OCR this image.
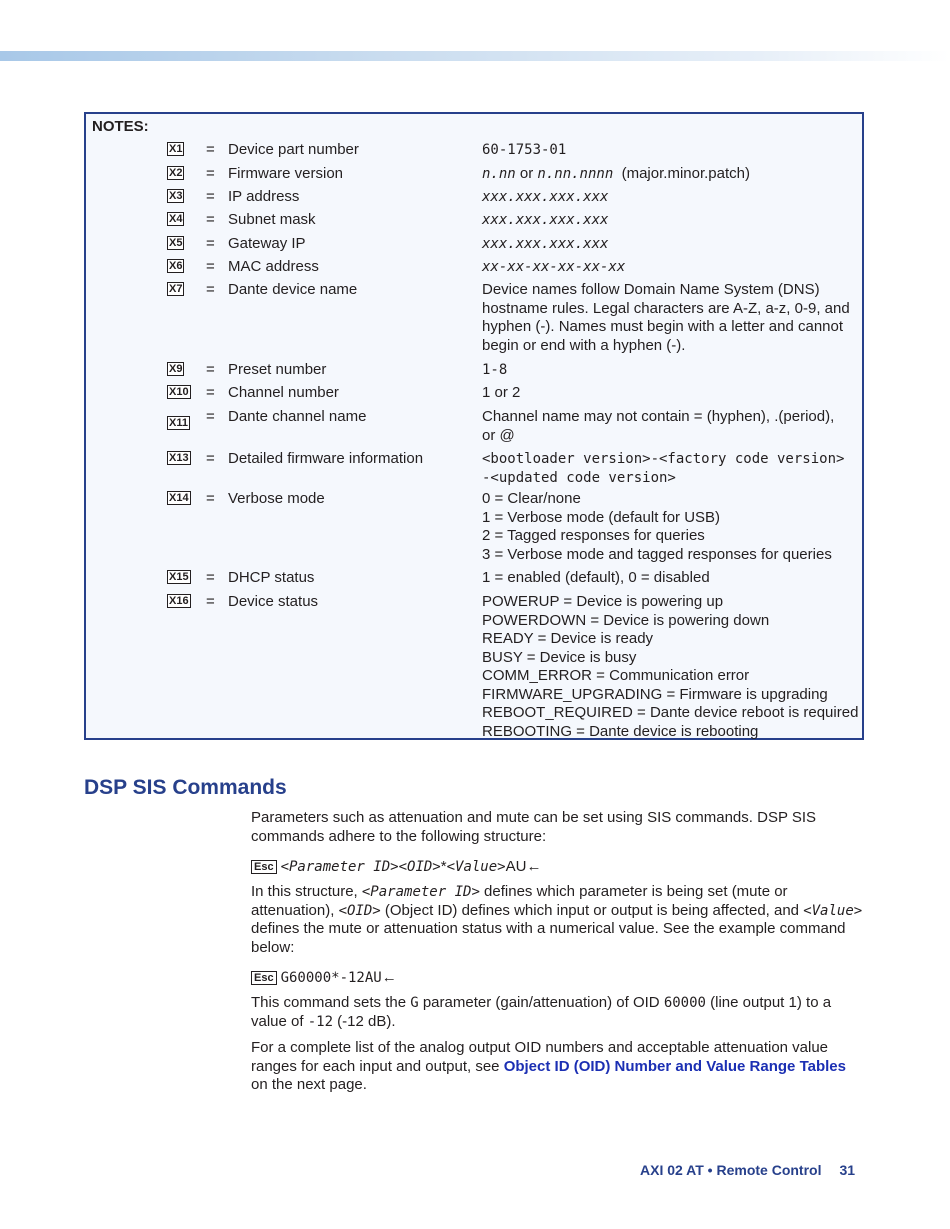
NOTES:
X1 = Device part number	60-1753-01
X2 = Firmware version	n.nn or n.nn.nnnn  (major.minor.patch)
X3 = IP address	xxx.xxx.xxx.xxx
X4 = Subnet mask	xxx.xxx.xxx.xxx
X5 = Gateway IP	xxx.xxx.xxx.xxx
X6 = MAC address	xx-xx-xx-xx-xx-xx
X7 = Dante device name	Device names follow Domain Name System (DNS)
hostname rules. Legal characters are A-Z, a-z, 0-9, and
hyphen (-). Names must begin with a letter and cannot
begin or end with a hyphen (-).
X9 = Preset number	1-8
X10 = Channel number	1 or 2
X11 = Dante channel name	Channel name may not contain = (hyphen), .(period),
or @
X13 = Detailed firmware information	<bootloader version>-<factory code version>
-<updated code version>
X14 = Verbose mode	0 = Clear/none
1 = Verbose mode (default for USB)
2 = Tagged responses for queries
3 = Verbose mode and tagged responses for queries
X15 = DHCP status	1 = enabled (default), 0 = disabled
X16 = Device status	POWERUP = Device is powering up
POWERDOWN = Device is powering down
READY = Device is ready
BUSY = Device is busy
COMM_ERROR = Communication error
FIRMWARE_UPGRADING = Firmware is upgrading
REBOOT_REQUIRED = Dante device reboot is required
REBOOTING = Dante device is rebooting
DSP SIS Commands

Parameters such as attenuation and mute can be set using SIS commands. DSP SIS commands adhere to the following structure:

Esc <Parameter ID><OID>*<Value>AU←

In this structure, <Parameter ID> defines which parameter is being set (mute or attenuation), <OID> (Object ID) defines which input or output is being affected, and <Value> defines the mute or attenuation status with a numerical value. See the example command below:

Esc G60000*-12AU←

This command sets the G parameter (gain/attenuation) of OID 60000 (line output 1) to a value of -12 (-12 dB).

For a complete list of the analog output OID numbers and acceptable attenuation value ranges for each input and output, see Object ID (OID) Number and Value Range Tables on the next page.

AXI 02 AT • Remote Control 31
